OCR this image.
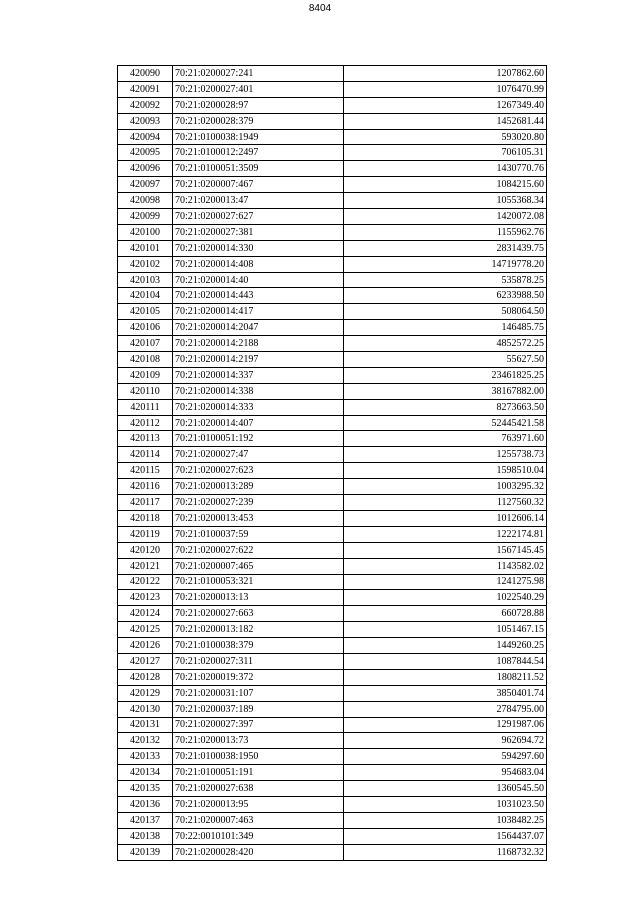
8404
420090	70:21:0200027:241	1207862.60
420091	70:21:0200027:401	1076470.99
420092	70:21:0200028:97	1267349.40
420093	70:21:0200028:379	1452681.44
420094	70:21:0100038:1949	593020.80
420095	70:21:0100012:2497	706105.31
420096	70:21:0100051:3509	1430770.76
420097	70:21:0200007:467	1084215.60
420098	70:21:0200013:47	1055368.34
420099	70:21:0200027:627	1420072.08
420100	70:21:0200027:381	1155962.76
420101	70:21:0200014:330	2831439.75
420102	70:21:0200014:408	14719778.20
420103	70:21:0200014:40	535878.25
420104	70:21:0200014:443	6233988.50
420105	70:21:0200014:417	508064.50
420106	70:21:0200014:2047	146485.75
420107	70:21:0200014:2188	4852572.25
420108	70:21:0200014:2197	55627.50
420109	70:21:0200014:337	23461825.25
420110	70:21:0200014:338	38167882.00
420111	70:21:0200014:333	8273663.50
420112	70:21:0200014:407	52445421.58
420113	70:21:0100051:192	763971.60
420114	70:21:0200027:47	1255738.73
420115	70:21:0200027:623	1598510.04
420116	70:21:0200013:289	1003295.32
420117	70:21:0200027:239	1127560.32
420118	70:21:0200013:453	1012606.14
420119	70:21:0100037:59	1222174.81
420120	70:21:0200027:622	1567145.45
420121	70:21:0200007:465	1143582.02
420122	70:21:0100053:321	1241275.98
420123	70:21:0200013:13	1022540.29
420124	70:21:0200027:663	660728.88
420125	70:21:0200013:182	1051467.15
420126	70:21:0100038:379	1449260.25
420127	70:21:0200027:311	1087844.54
420128	70:21:0200019:372	1808211.52
420129	70:21:0200031:107	3850401.74
420130	70:21:0200037:189	2784795.00
420131	70:21:0200027:397	1291987.06
420132	70:21:0200013:73	962694.72
420133	70:21:0100038:1950	594297.60
420134	70:21:0100051:191	954683.04
420135	70:21:0200027:638	1360545.50
420136	70:21:0200013:95	1031023.50
420137	70:21:0200007:463	1038482.25
420138	70:22:0010101:349	1564437.07
420139	70:21:0200028:420	1168732.32
